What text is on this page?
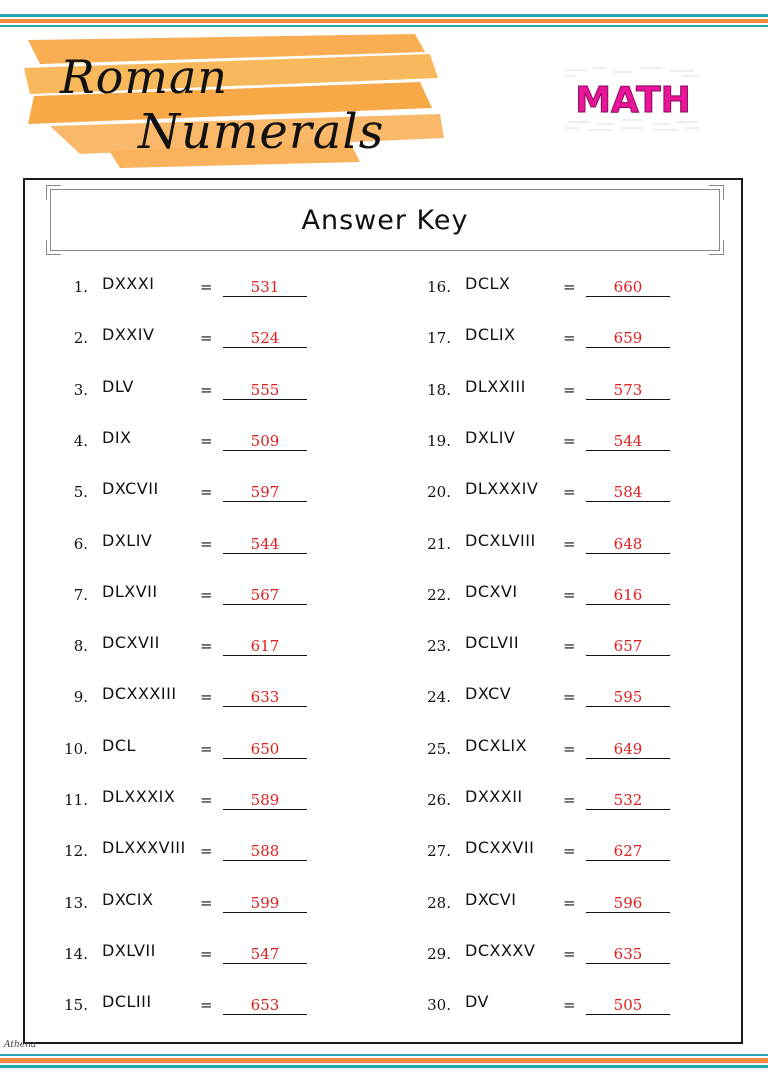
Roman
Numerals
MATH
Answer Key
1. DXXXI	=	531
2. DXXIV	=	524
3. DLV	=	555
4. DIX	=	509
5. DXCVII	=	597
6. DXLIV	=	544
7. DLXVII	=	567
8. DCXVII	=	617
9. DCXXXIII =	633
10. DCL	=	650
11. DLXXXIX =	589
12. DLXXXVIII =	588
13. DXCIX	=	599
14. DXLVII	=	547
15. DCLIII	=	653
16. DCLX	=	660
17. DCLIX	=	659
18. DLXXIII =	573
19. DXLIV	=	544
20. DLXXXIV =	584
21. DCXLVIII =	648
22. DCXVI	=	616
23. DCLVII	=	657
24. DXCV	=	595
25. DCXLIX =	649
26. DXXXII	=	532
27. DCXXVII =	627
28. DXCVI	=	596
29. DCXXXV =	635
30. DV	=	505
Athena
